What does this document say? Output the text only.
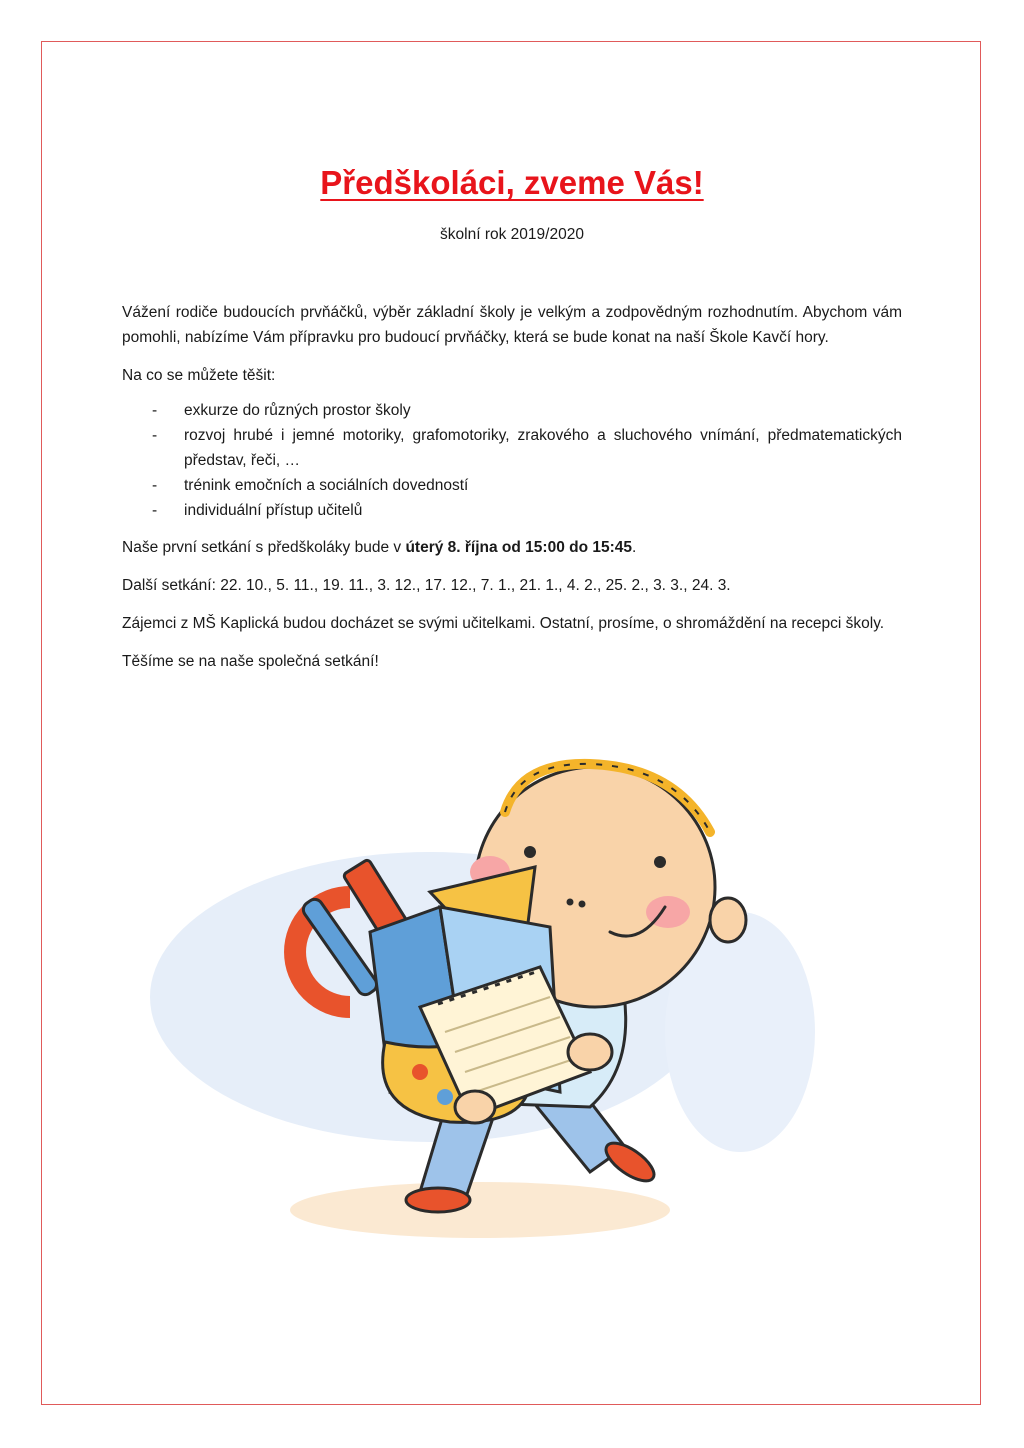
Předškoláci, zveme Vás!

školní rok 2019/2020

Vážení rodiče budoucích prvňáčků, výběr základní školy je velkým a zodpovědným rozhodnutím. Abychom vám pomohli, nabízíme Vám přípravku pro budoucí prvňáčky, která se bude konat na naší Škole Kavčí hory.

Na co se můžete těšit:

- exkurze do různých prostor školy
- rozvoj hrubé i jemné motoriky, grafomotoriky, zrakového a sluchového vnímání, předmatematických představ, řeči, …
- trénink emočních a sociálních dovedností
- individuální přístup učitelů

Naše první setkání s předškoláky bude v úterý 8. října od 15:00 do 15:45.

Další setkání: 22. 10., 5. 11., 19. 11., 3. 12., 17. 12., 7. 1., 21. 1., 4. 2., 25. 2., 3. 3., 24. 3.

Zájemci z MŠ Kaplická budou docházet se svými učitelkami. Ostatní, prosíme, o shromáždění na recepci školy.

Těšíme se na naše společná setkání!
